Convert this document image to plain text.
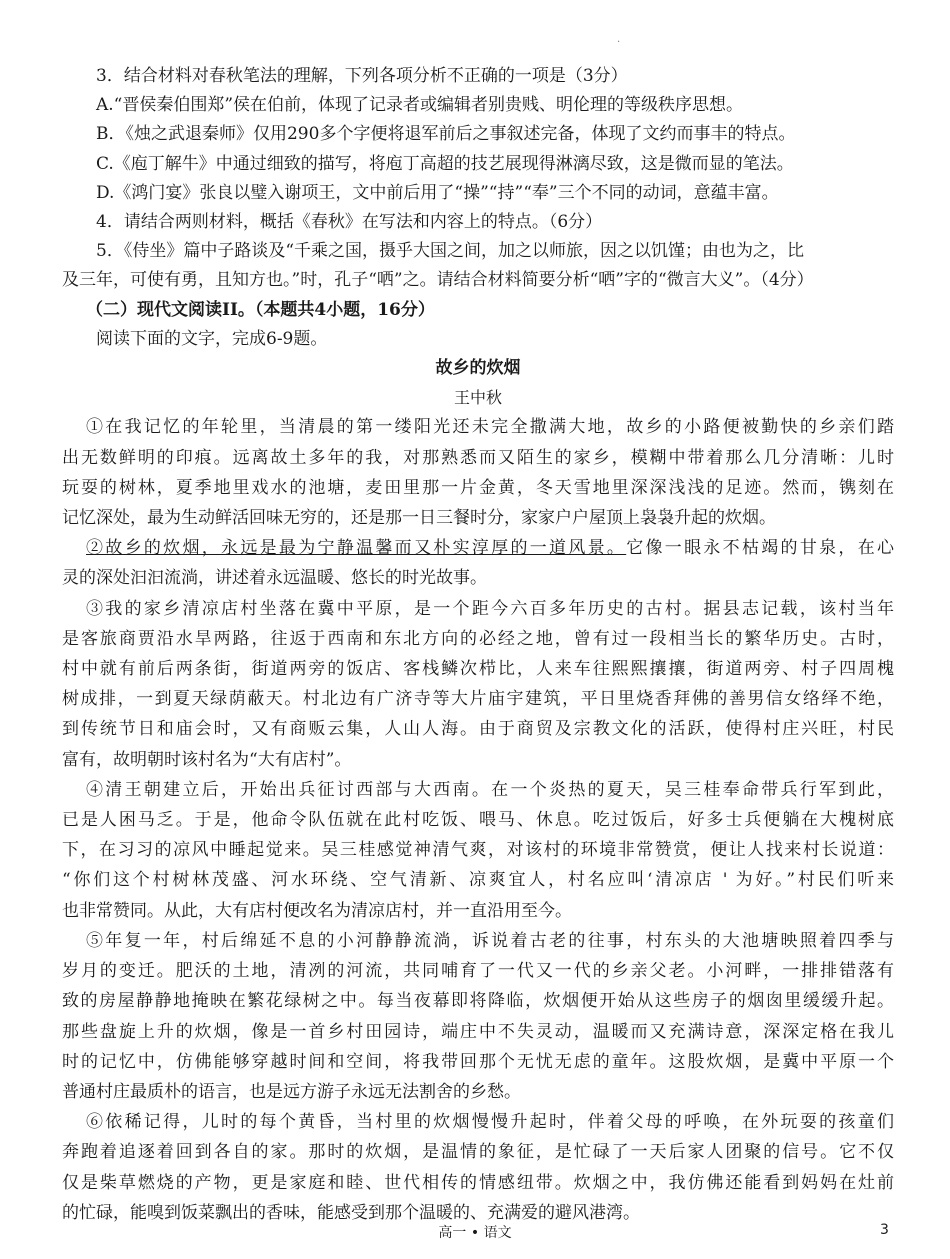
.

3．结合材料对春秋笔法的理解，下列各项分析不正确的一项是（3分）

A.“晋侯秦伯围郑”侯在伯前，体现了记录者或编辑者别贵贱、明伦理的等级秩序思想。

B．《烛之武退秦师》仅用290多个字便将退军前后之事叙述完备，体现了文约而事丰的特点。

C.《庖丁解牛》中通过细致的描写，将庖丁高超的技艺展现得淋漓尽致，这是微而显的笔法。

D.《鸿门宴》张良以璧入谢项王，文中前后用了“操”“持”“奉”三个不同的动词，意蕴丰富。

4．请结合两则材料，概括《春秋》在写法和内容上的特点。（6分）

5．《侍坐》篇中子路谈及“千乘之国，摄乎大国之间，加之以师旅，因之以饥馑；由也为之，比

及三年，可使有勇，且知方也。”时，孔子“哂”之。请结合材料简要分析“哂”字的“微言大义”。（4分）

（二）现代文阅读II。（本题共4小题，16分）

阅读下面的文字，完成6-9题。

故乡的炊烟

王中秋

①在我记忆的年轮里，当清晨的第一缕阳光还未完全撒满大地，故乡的小路便被勤快的乡亲们踏

出无数鲜明的印痕。远离故土多年的我，对那熟悉而又陌生的家乡，模糊中带着那么几分清晰：儿时

玩耍的树林，夏季地里戏水的池塘，麦田里那一片金黄，冬天雪地里深深浅浅的足迹。然而，镌刻在

记忆深处，最为生动鲜活回味无穷的，还是那一日三餐时分，家家户户屋顶上袅袅升起的炊烟。

②故乡的炊烟，永远是最为宁静温馨而又朴实淳厚的一道风景。它像一眼永不枯竭的甘泉，在心

灵的深处汩汩流淌，讲述着永远温暖、悠长的时光故事。

③我的家乡清凉店村坐落在冀中平原，是一个距今六百多年历史的古村。据县志记载，该村当年

是客旅商贾沿水旱两路，往返于西南和东北方向的必经之地，曾有过一段相当长的繁华历史。古时，

村中就有前后两条街，街道两旁的饭店、客栈鳞次栉比，人来车往熙熙攘攘，街道两旁、村子四周槐

树成排，一到夏天绿荫蔽天。村北边有广济寺等大片庙宇建筑，平日里烧香拜佛的善男信女络绎不绝，

到传统节日和庙会时，又有商贩云集，人山人海。由于商贸及宗教文化的活跃，使得村庄兴旺，村民

富有，故明朝时该村名为“大有店村”。

④清王朝建立后，开始出兵征讨西部与大西南。在一个炎热的夏天，吴三桂奉命带兵行军到此，

已是人困马乏。于是，他命令队伍就在此村吃饭、喂马、休息。吃过饭后，好多士兵便躺在大槐树底

下，在习习的凉风中睡起觉来。吴三桂感觉神清气爽，对该村的环境非常赞赏，便让人找来村长说道：

“你们这个村树林茂盛、河水环绕、空气清新、凉爽宜人，村名应叫‘清凉店 ' 为好。”村民们听来

也非常赞同。从此，大有店村便改名为清凉店村，并一直沿用至今。

⑤年复一年，村后绵延不息的小河静静流淌，诉说着古老的往事，村东头的大池塘映照着四季与

岁月的变迁。肥沃的土地，清冽的河流，共同哺育了一代又一代的乡亲父老。小河畔，一排排错落有

致的房屋静静地掩映在繁花绿树之中。每当夜幕即将降临，炊烟便开始从这些房子的烟囱里缓缓升起。

那些盘旋上升的炊烟，像是一首乡村田园诗，端庄中不失灵动，温暖而又充满诗意，深深定格在我儿

时的记忆中，仿佛能够穿越时间和空间，将我带回那个无忧无虑的童年。这股炊烟，是冀中平原一个

普通村庄最质朴的语言，也是远方游子永远无法割舍的乡愁。

⑥依稀记得，儿时的每个黄昏，当村里的炊烟慢慢升起时，伴着父母的呼唤，在外玩耍的孩童们

奔跑着追逐着回到各自的家。那时的炊烟，是温情的象征，是忙碌了一天后家人团聚的信号。它不仅

仅是柴草燃烧的产物，更是家庭和睦、世代相传的情感纽带。炊烟之中，我仿佛还能看到妈妈在灶前

的忙碌，能嗅到饭菜飘出的香味，能感受到那个温暖的、充满爱的避风港湾。

高一 • 语文	3
